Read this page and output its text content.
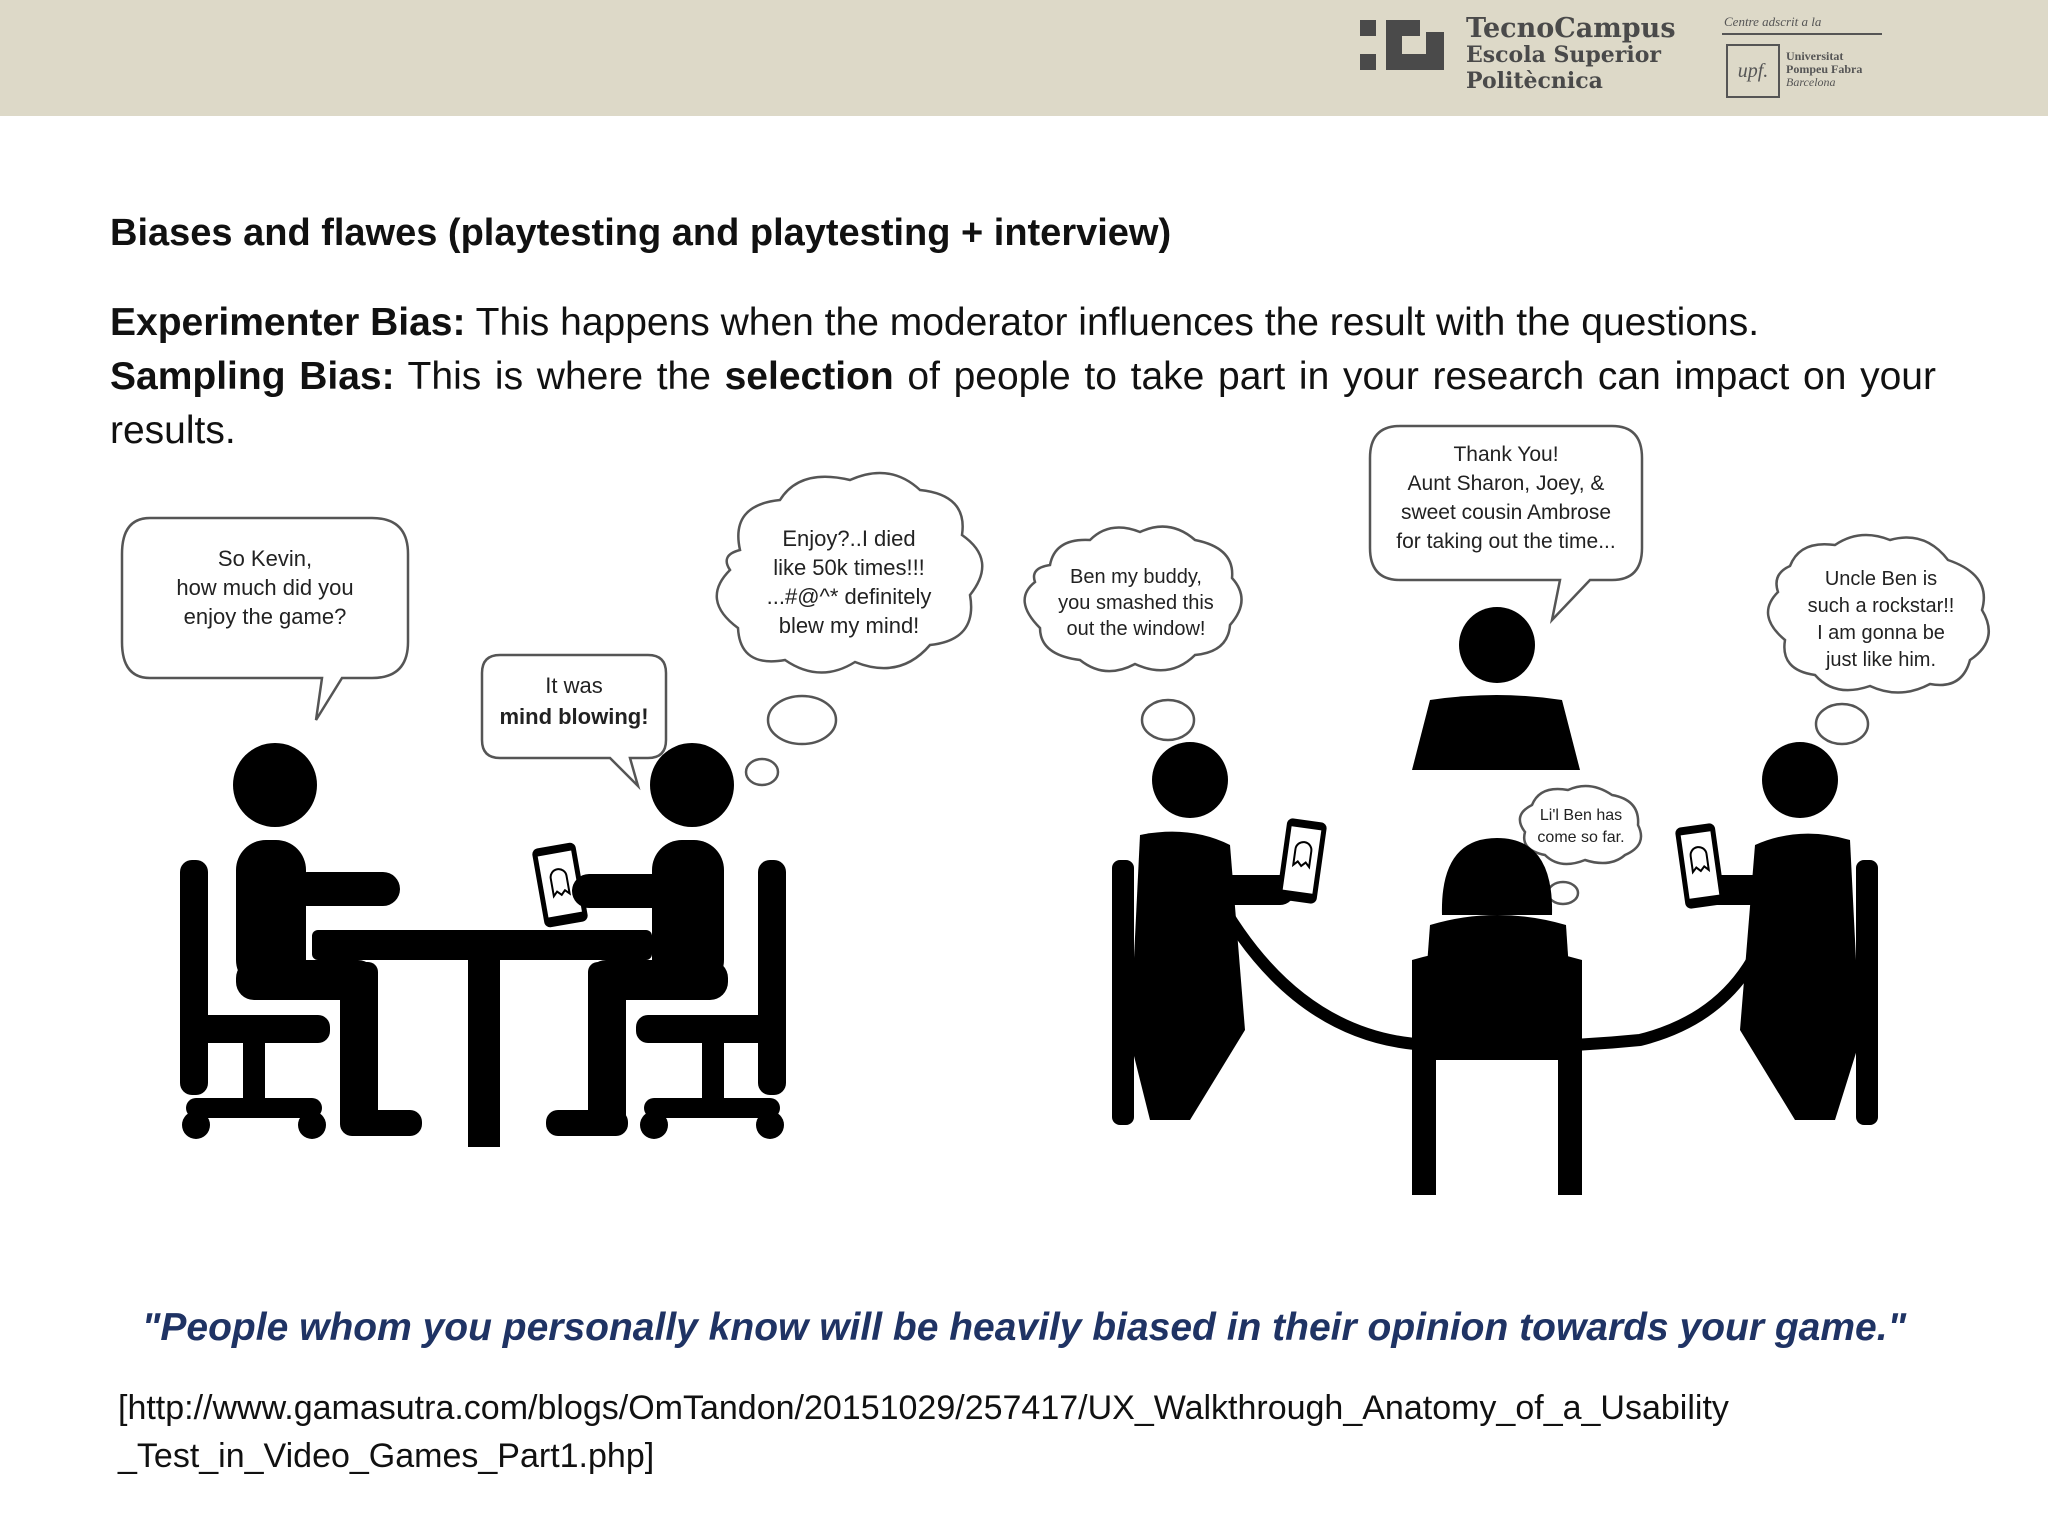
TecnoCampus
Escola Superior
Politècnica
Centre adscrit a la
upf.
Universitat
Pompeu Fabra
Barcelona
Biases and flawes (playtesting and playtesting + interview)
Experimenter Bias: This happens when the moderator influences the result with the questions.
Sampling Bias: This is where the selection of people to take part in your research can impact on your results.
So Kevin,
how much did you
enjoy the game?
It was
mind blowing!
Enjoy?..I died
like 50k times!!!
...#@^* definitely
blew my mind!
Ben my buddy,
you smashed this
out the window!
Thank You!
Aunt Sharon, Joey, &
sweet cousin Ambrose
for taking out the time...
Uncle Ben is
such a rockstar!!
I am gonna be
just like him.
Li'l Ben has
come so far.
"People whom you personally know will be heavily biased in their opinion towards your game."
[http://www.gamasutra.com/blogs/OmTandon/20151029/257417/UX_Walkthrough_Anatomy_of_a_Usability
_Test_in_Video_Games_Part1.php]
